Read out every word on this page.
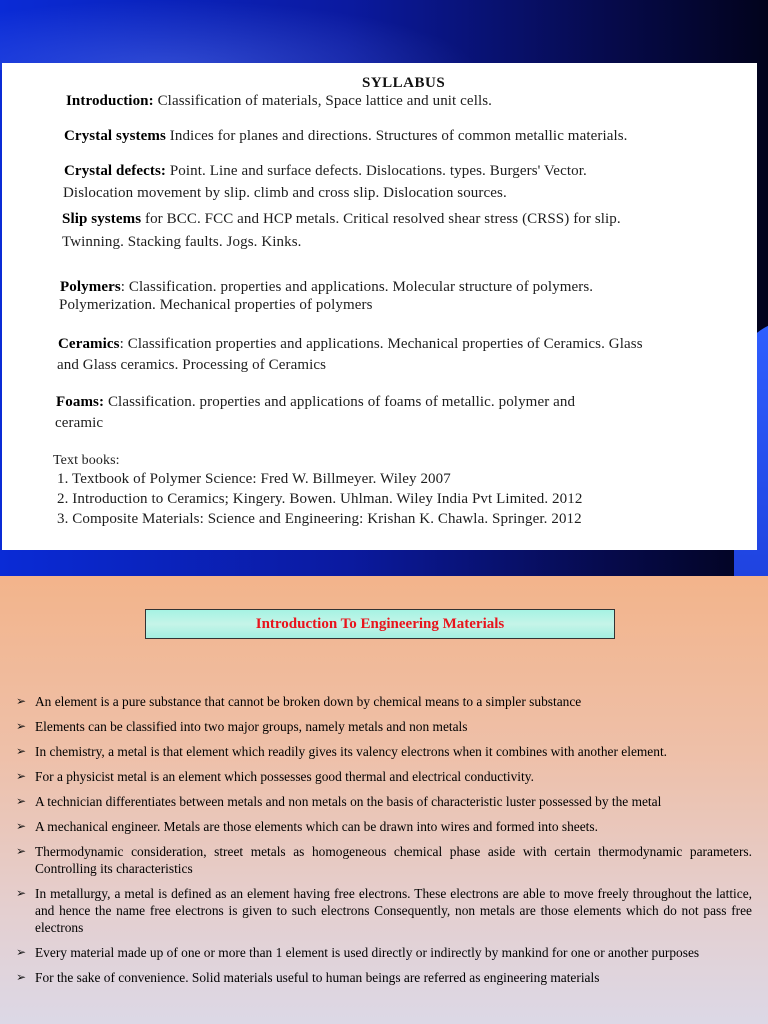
SYLLABUS
Introduction: Classification of materials, Space lattice and unit cells.
Crystal systems Indices for planes and directions. Structures of common metallic materials.
Crystal defects: Point. Line and surface defects. Dislocations. types. Burgers' Vector.
Dislocation movement by slip. climb and cross slip. Dislocation sources.
Slip systems for BCC. FCC and HCP metals. Critical resolved shear stress (CRSS) for slip.
Twinning. Stacking faults. Jogs. Kinks.
Polymers: Classification. properties and applications. Molecular structure of polymers.
Polymerization. Mechanical properties of polymers
Ceramics: Classification properties and applications. Mechanical properties of Ceramics. Glass
and Glass ceramics. Processing of Ceramics
Foams: Classification. properties and applications of foams of metallic. polymer and
ceramic
Text books:
1. Textbook of Polymer Science: Fred W. Billmeyer. Wiley 2007
2. Introduction to Ceramics; Kingery. Bowen. Uhlman. Wiley India Pvt Limited. 2012
3. Composite Materials: Science and Engineering: Krishan K. Chawla. Springer. 2012
Introduction To Engineering Materials
➢ An element is a pure substance that cannot be broken down by chemical means to a simpler substance
➢ Elements can be classified into two major groups, namely metals and non metals
➢ In chemistry, a metal is that element which readily gives its valency electrons when it combines with another element.
➢ For a physicist metal is an element which possesses good thermal and electrical conductivity.
➢ A technician differentiates between metals and non metals on the basis of characteristic luster possessed by the metal
➢ A mechanical engineer. Metals are those elements which can be drawn into wires and formed into sheets.
➢ Thermodynamic consideration, street metals as homogeneous chemical phase aside with certain thermodynamic parameters. Controlling its characteristics
➢ In metallurgy, a metal is defined as an element having free electrons. These electrons are able to move freely throughout the lattice, and hence the name free electrons is given to such electrons Consequently, non metals are those elements which do not pass free electrons
➢ Every material made up of one or more than 1 element is used directly or indirectly by mankind for one or another purposes
➢ For the sake of convenience. Solid materials useful to human beings are referred as engineering materials
